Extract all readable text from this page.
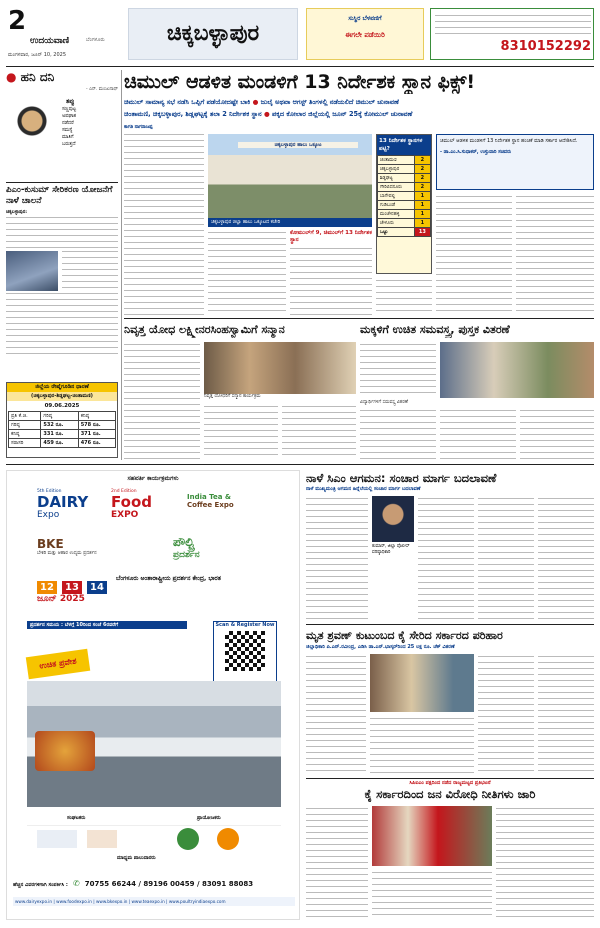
2
ಉದಯವಾಣಿ	ಬೆಂಗಳೂರು
ಮಂಗಳವಾರ, ಜೂನ್ 10, 2025
ಚಿಕ್ಕಬಳ್ಳಾಪುರ
ಸುಸ್ಥಿರ ಬೆಳವಣಿಗೆ
ಈಗಲೇ ಪಡೆಯಿರಿ
8310152292
● ಹನಿ ದನಿ
- ಎನ್. ಮಂಜುನಾಥ್
ತಪ್ಪು
ಸಣ್ಣಪುಟ್ಟ
ಅಪಘಾತ
ನಡೆದರೆ
ಸಮಸ್ಯೆ
ಮಾತಿಗೆ
ಬರುತ್ತದೆ
ಪಿಎಂ-ಕುಸುಮ್ ಸೇರಿಕರಣ ಯೋಜನೆಗೆ ನಾಳೆ ಚಾಲನೆ
ಚಿಕ್ಕಬಳ್ಳಾಪುರ:
ಜಿಲ್ಲೆಯ ರೇಷ್ಮೆಗೂಡಿನ ಧಾರಣೆ
(ಚಿಕ್ಕಬಳ್ಳಾಪುರ-ಶಿಡ್ಲಘಟ್ಟ-ಚಿಂತಾಮಣಿ)
09.06.2025
ಪ್ರತಿ ಕೆ.ಜಿ.	ಗರಿಷ್ಠ	ಕನಿಷ್ಠ
ಗರಿಷ್ಠ	532 ರೂ.	578 ರೂ.
ಕನಿಷ್ಠ	331 ರೂ.	371 ರೂ.
ಸರಾಸರಿ	459 ರೂ.	476 ರೂ.
ಚಿಮುಲ್ ಆಡಳಿತ ಮಂಡಳಿಗೆ 13 ನಿರ್ದೇಶಕ ಸ್ಥಾನ ಫಿಕ್ಸ್!
ಚಿಮುಲ್ ಸಾಮಾನ್ಯ ಸಭೆ ನಡೆಸಿ ಒಪ್ಪಿಗೆ ಪಡೆಯೋದಷ್ಟೇ ಬಾಕಿ ● ಜುಲೈ ಅಥವಾ ಆಗಸ್ಟ್ ತಿಂಗಳಲ್ಲಿ ನಡೆಯಲಿದೆ ಚಿಮುಲ್ ಚುನಾವಣೆ
ಚಿಂತಾಮಣಿ, ಚಿಕ್ಕಬಳ್ಳಾಪುರ, ಶಿಡ್ಲಘಟ್ಟಕ್ಕೆ ತಲಾ 2 ನಿರ್ದೇಶಕ ಸ್ಥಾನ ● ಪಕ್ಕದ ಕೋಲಾರ ಜಿಲ್ಲೆಯಲ್ಲಿ ಜೂನ್ 25ಕ್ಕೆ ಕೋಮುಲ್ ಚುನಾವಣೆ
ಕಾಗತಿ ನಾಗರಾಜಪ್ಪ
ಚಿಕ್ಕಬಳ್ಳಾಪುರ ಹಾಲು ಒಕ್ಕೂಟ
ಚಿಕ್ಕಬಳ್ಳಾಪುರ ಜಿಲ್ಲಾ ಹಾಲು ಒಕ್ಕೂಟದ ಕಚೇರಿ
13 ನಿರ್ದೇಶಕ ಸ್ಥಾನಗಳ ಪಟ್ಟಿ?
ಚಿಂತಾಮಣಿ	2
ಚಿಕ್ಕಬಳ್ಳಾಪುರ	2
ಶಿಡ್ಲಘಟ್ಟ	2
ಗೌರಿಬಿದನೂರು	2
ಬಾಗೇಪಲ್ಲಿ	1
ಗುಡಿಬಂಡೆ	1
ಮಂಚೇನಹಳ್ಳಿ	1
ಚೇಳೂರು	1
ಒಟ್ಟು	13
ಚಿಮುಲ್ ಆಡಳಿತ ಮಂಡಳಿಗೆ 13 ನಿರ್ದೇಶಕ ಸ್ಥಾನ ಹಂಚಿಕೆ ಮಾಡಿ ಸರ್ಕಾರ ಆದೇಶಿಸಿದೆ.
- ಡಾ.ಎಂ.ಸಿ.ಸುಧಾಕರ್, ಉಸ್ತುವಾರಿ ಸಚಿವರು
ಕೋಮುಲ್‌ಗೆ 9, ಚಿಮುಲ್‌ಗೆ 13 ನಿರ್ದೇಶಕ ಸ್ಥಾನ
ನಿವೃತ್ತ ಯೋಧ ಲಕ್ಷ್ಮೀನರಸಿಂಹಸ್ವಾಮಿಗೆ ಸನ್ಮಾನ
ನಿವೃತ್ತ ಯೋಧರಿಗೆ ಸನ್ಮಾನ ಕಾರ್ಯಕ್ರಮ
ಮಕ್ಕಳಿಗೆ ಉಚಿತ ಸಮವಸ್ತ್ರ, ಪುಸ್ತಕ ವಿತರಣೆ
ವಿದ್ಯಾರ್ಥಿಗಳಿಗೆ ಸಮವಸ್ತ್ರ ವಿತರಣೆ
ಸಹವರ್ತಿ ಕಾರ್ಯಕ್ರಮಗಳು
5th Edition
DAIRY
Expo
2nd Edition
Food
EXPO
India Tea &
Coffee Expo
BKE
ಬೇಕರಿ ಮತ್ತು ಆಹಾರ ಉದ್ಯಮ ಪ್ರದರ್ಶನ
ಪೌಲ್ಟ್ರಿ
ಪ್ರದರ್ಶನ
12 13 14 ಬೆಂಗಳೂರು ಅಂತಾರಾಷ್ಟ್ರೀಯ ಪ್ರದರ್ಶನ ಕೇಂದ್ರ, ಭಾರತ
ಜೂನ್ 2025
ಪ್ರದರ್ಶನ ಸಮಯ : ಬೆಳಗ್ಗೆ 10ರಿಂದ ಸಂಜೆ 6ರವರೆಗೆ	Scan & Register Now
ಉಚಿತ ಪ್ರವೇಶ
ಸಂಘಟಕರು	ಪ್ರಾಯೋಜಕರು
ಮಾಧ್ಯಮ ಪಾಲುದಾರರು
ಹೆಚ್ಚಿನ ವಿವರಗಳಿಗಾಗಿ ಸಂಪರ್ಕಿಸಿ : ✆ 70755 66244 / 89196 00459 / 83091 88083
www.dairyexpo.in | www.foodexpo.in | www.bkexpo.in | www.teaexpo.in | www.poultryindiaexpo.com
ನಾಳೆ ಸಿಎಂ ಆಗಮನ: ಸಂಚಾರ ಮಾರ್ಗ ಬದಲಾವಣೆ
ನಾಳೆ ಮುಖ್ಯಮಂತ್ರಿ ಆಗಮನ ಹಿನ್ನೆಲೆಯಲ್ಲಿ ಸಂಚಾರ ಮಾರ್ಗ ಬದಲಾವಣೆ
ಕುಮಾರ್, ಜಿಲ್ಲಾ ಪೊಲೀಸ್ ವರಿಷ್ಠಾಧಿಕಾರಿ
ಮೃತ ಶ್ರವಣ್ ಕುಟುಂಬದ ಕೈ ಸೇರಿದ ಸರ್ಕಾರದ ಪರಿಹಾರ
ಜಿಲ್ಲಾಧಿಕಾರಿ ಪಿ.ಎನ್.ರವೀಂದ್ರ, ಎಡಿಸಿ ಡಾ.ಎನ್.ಭಾಸ್ಕರ್‌ರಿಂದ 25 ಲಕ್ಷ ರೂ. ಚೆಕ್ ವಿತರಣೆ
ಸಿಪಿಐಎಂ ಪಕ್ಷದಿಂದ ನಡೆದ ರಾಜ್ಯಮಟ್ಟದ ಪ್ರತಿಭಟನೆ
ಕೈ ಸರ್ಕಾರದಿಂದ ಜನ ವಿರೋಧಿ ನೀತಿಗಳು ಜಾರಿ
